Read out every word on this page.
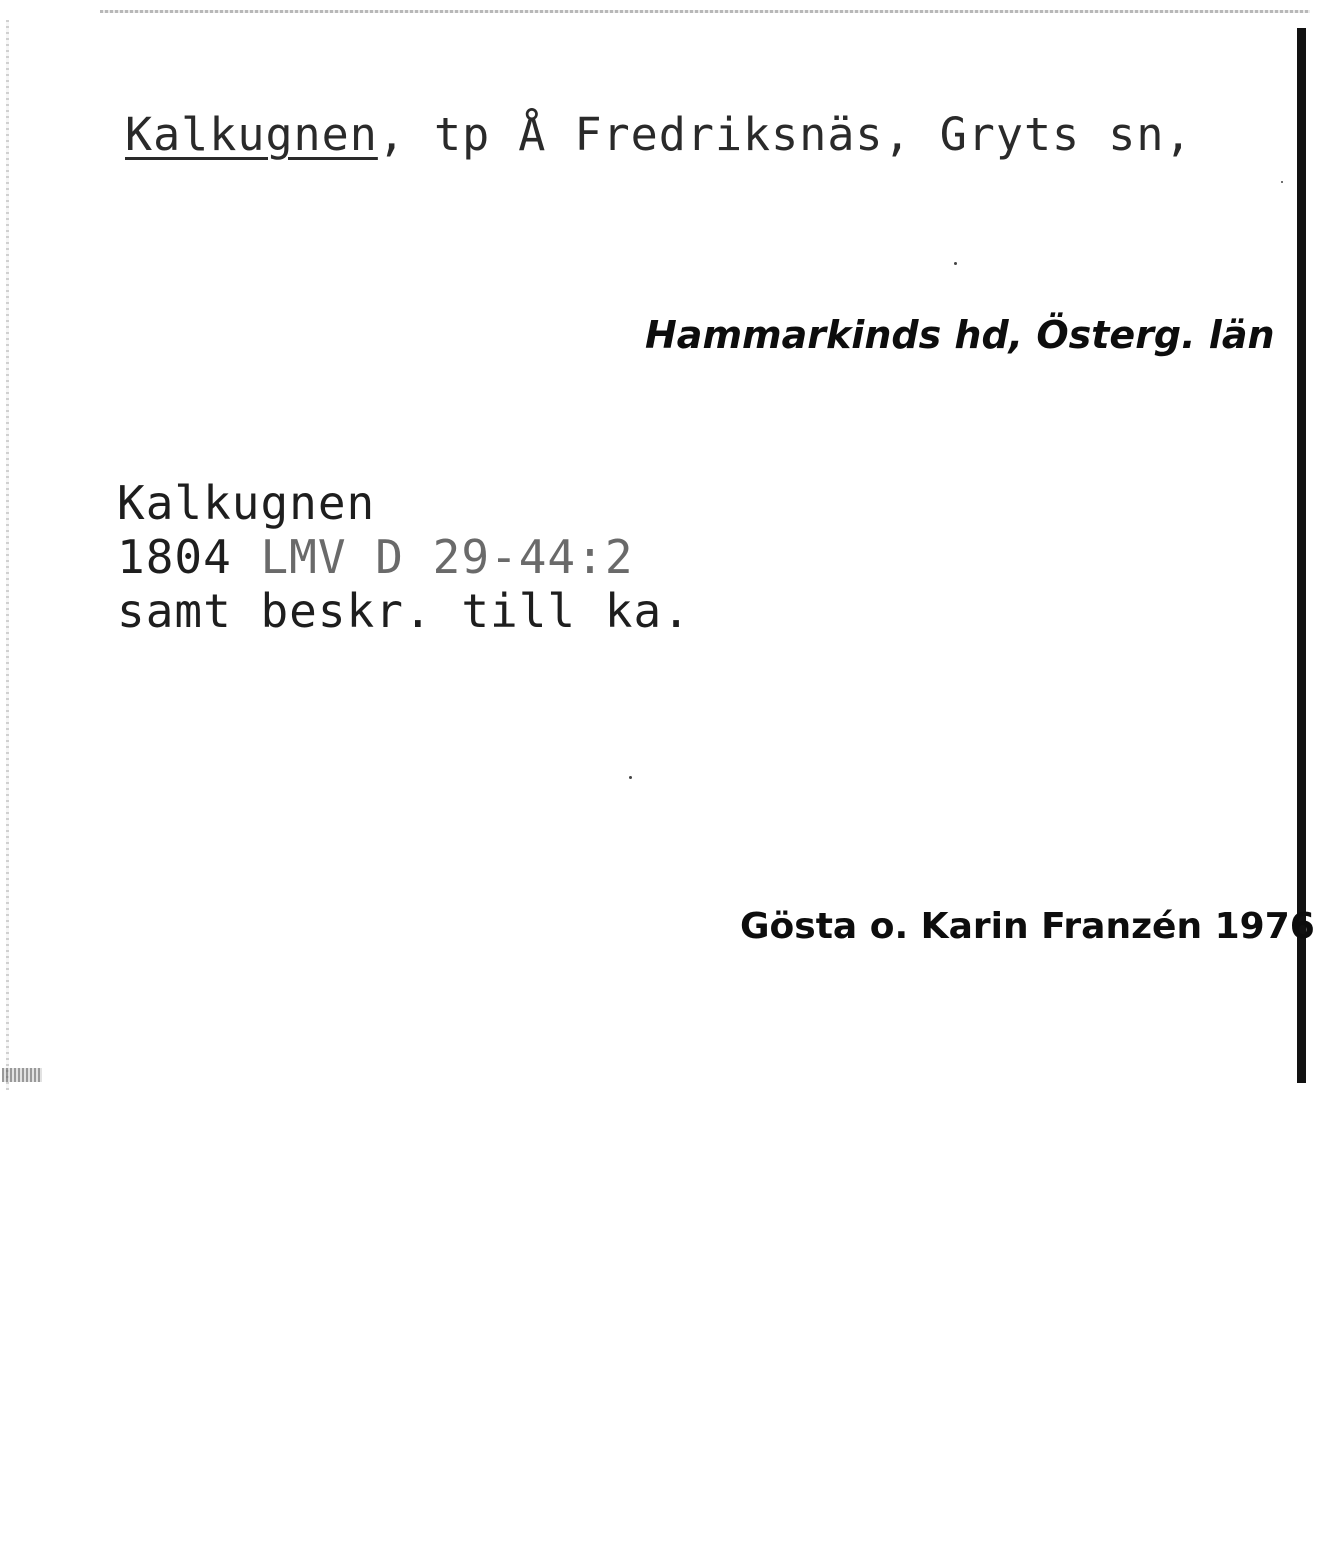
Kalkugnen, tp Å Fredriksnäs, Gryts sn,
Hammarkinds hd, Österg. län
Kalkugnen
1804 LMV D 29-44:2
samt beskr. till ka.
Gösta o. Karin Franzén 1976
